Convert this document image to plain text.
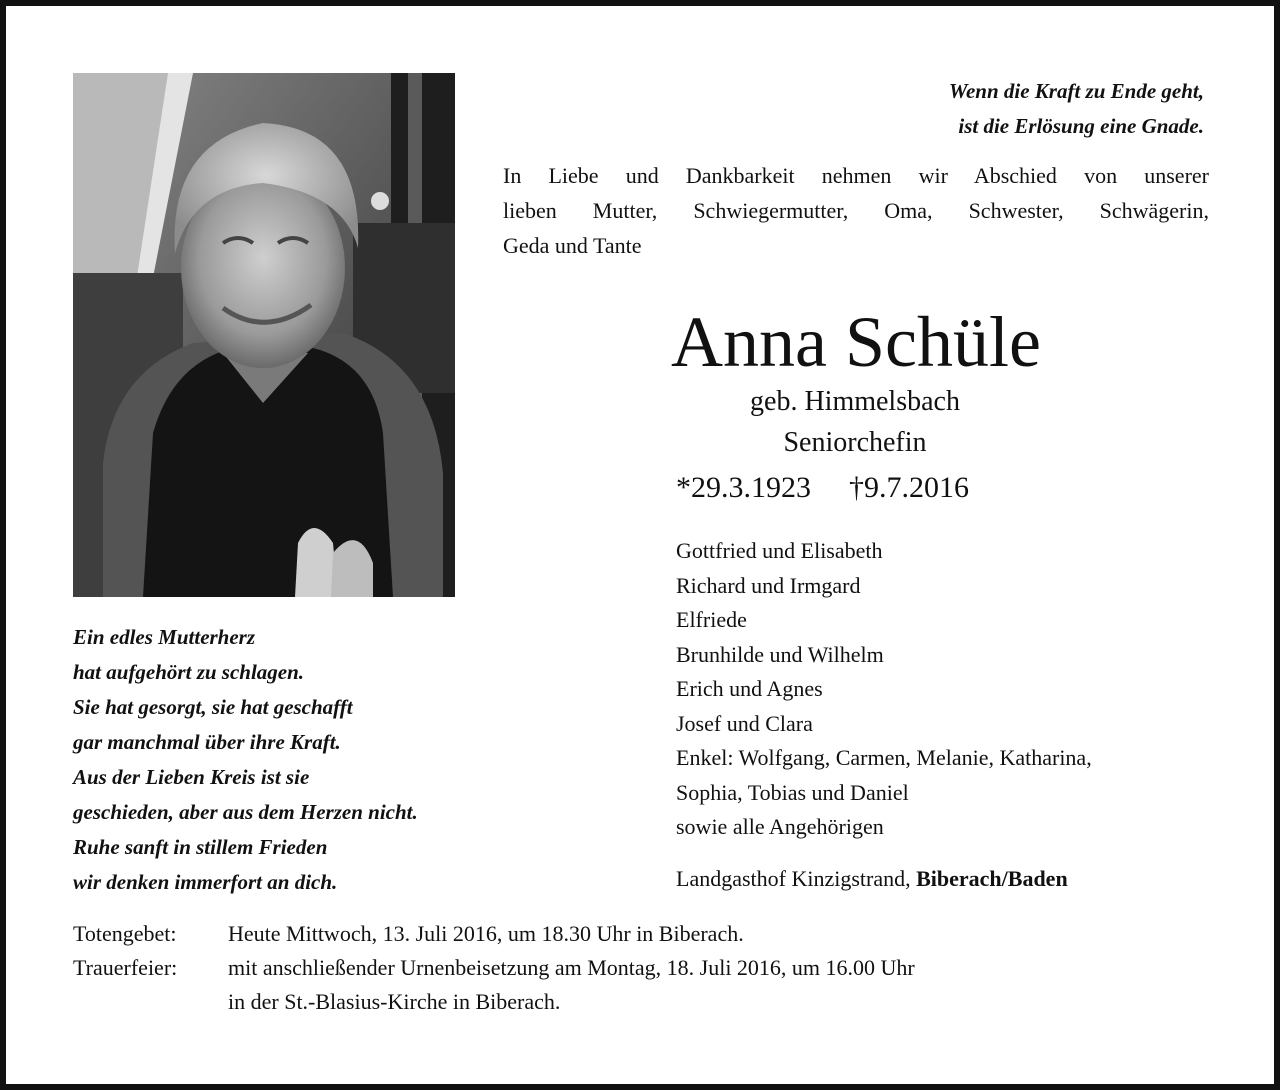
Wenn die Kraft zu Ende geht,
ist die Erlösung eine Gnade.
In Liebe und Dankbarkeit nehmen wir Abschied von unserer
lieben Mutter, Schwiegermutter, Oma, Schwester, Schwägerin,
Geda und Tante
Anna Schüle
geb. Himmelsbach
Seniorchefin
*29.3.1923 †9.7.2016
Gottfried und Elisabeth
Richard und Irmgard
Elfriede
Brunhilde und Wilhelm
Erich und Agnes
Josef und Clara
Enkel: Wolfgang, Carmen, Melanie, Katharina,
Sophia, Tobias und Daniel
sowie alle Angehörigen
Landgasthof Kinzigstrand, Biberach/Baden
Ein edles Mutterherz
hat aufgehört zu schlagen.
Sie hat gesorgt, sie hat geschafft
gar manchmal über ihre Kraft.
Aus der Lieben Kreis ist sie
geschieden, aber aus dem Herzen nicht.
Ruhe sanft in stillem Frieden
wir denken immerfort an dich.
Totengebet:	Heute Mittwoch, 13. Juli 2016, um 18.30 Uhr in Biberach.
Trauerfeier:	mit anschließender Urnenbeisetzung am Montag, 18. Juli 2016, um 16.00 Uhr
in der St.-Blasius-Kirche in Biberach.
